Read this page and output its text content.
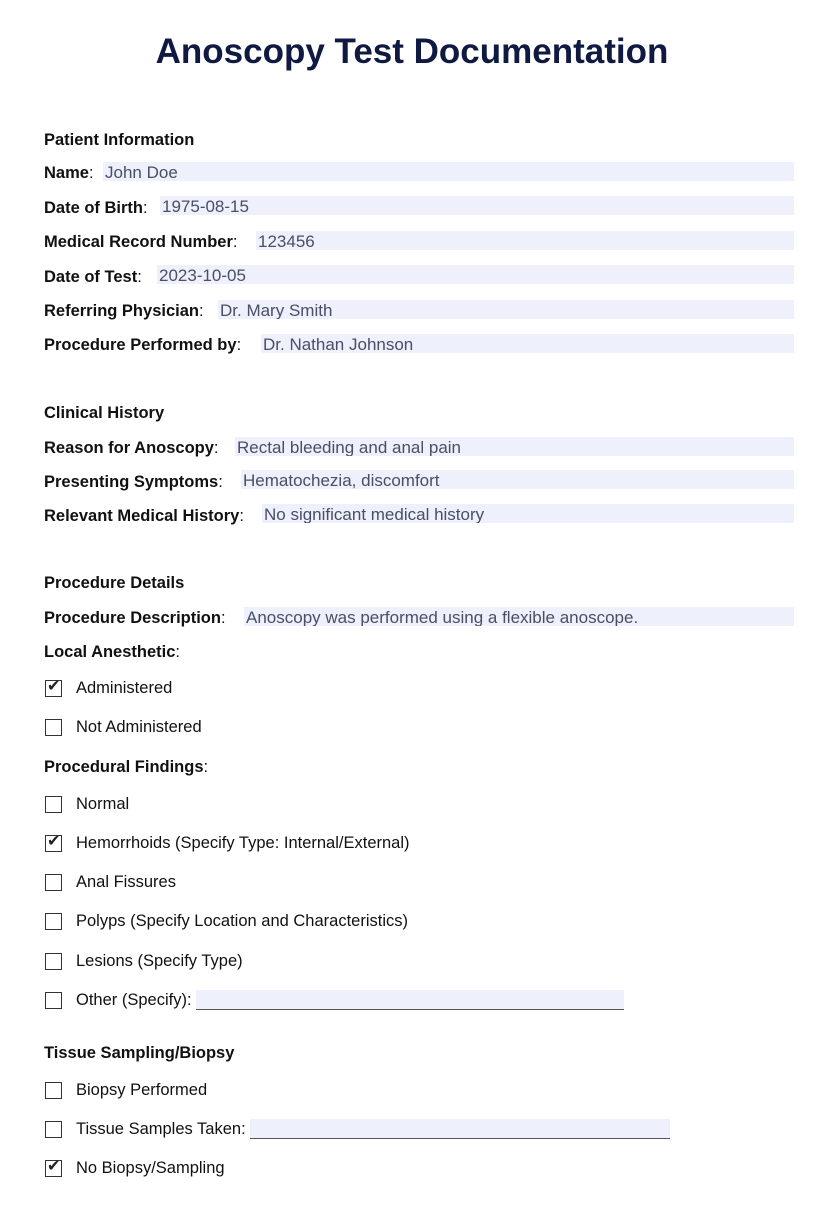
Anoscopy Test Documentation
Patient Information
Name: John Doe
Date of Birth: 1975-08-15
Medical Record Number: 123456
Date of Test: 2023-10-05
Referring Physician: Dr. Mary Smith
Procedure Performed by: Dr. Nathan Johnson
Clinical History
Reason for Anoscopy: Rectal bleeding and anal pain
Presenting Symptoms: Hematochezia, discomfort
Relevant Medical History: No significant medical history
Procedure Details
Procedure Description: Anoscopy was performed using a flexible anoscope.
Local Anesthetic:
✔ Administered
Not Administered
Procedural Findings:
Normal
✔ Hemorrhoids (Specify Type: Internal/External)
Anal Fissures
Polyps (Specify Location and Characteristics)
Lesions (Specify Type)
Other (Specify):
Tissue Sampling/Biopsy
Biopsy Performed
Tissue Samples Taken:
✔ No Biopsy/Sampling
